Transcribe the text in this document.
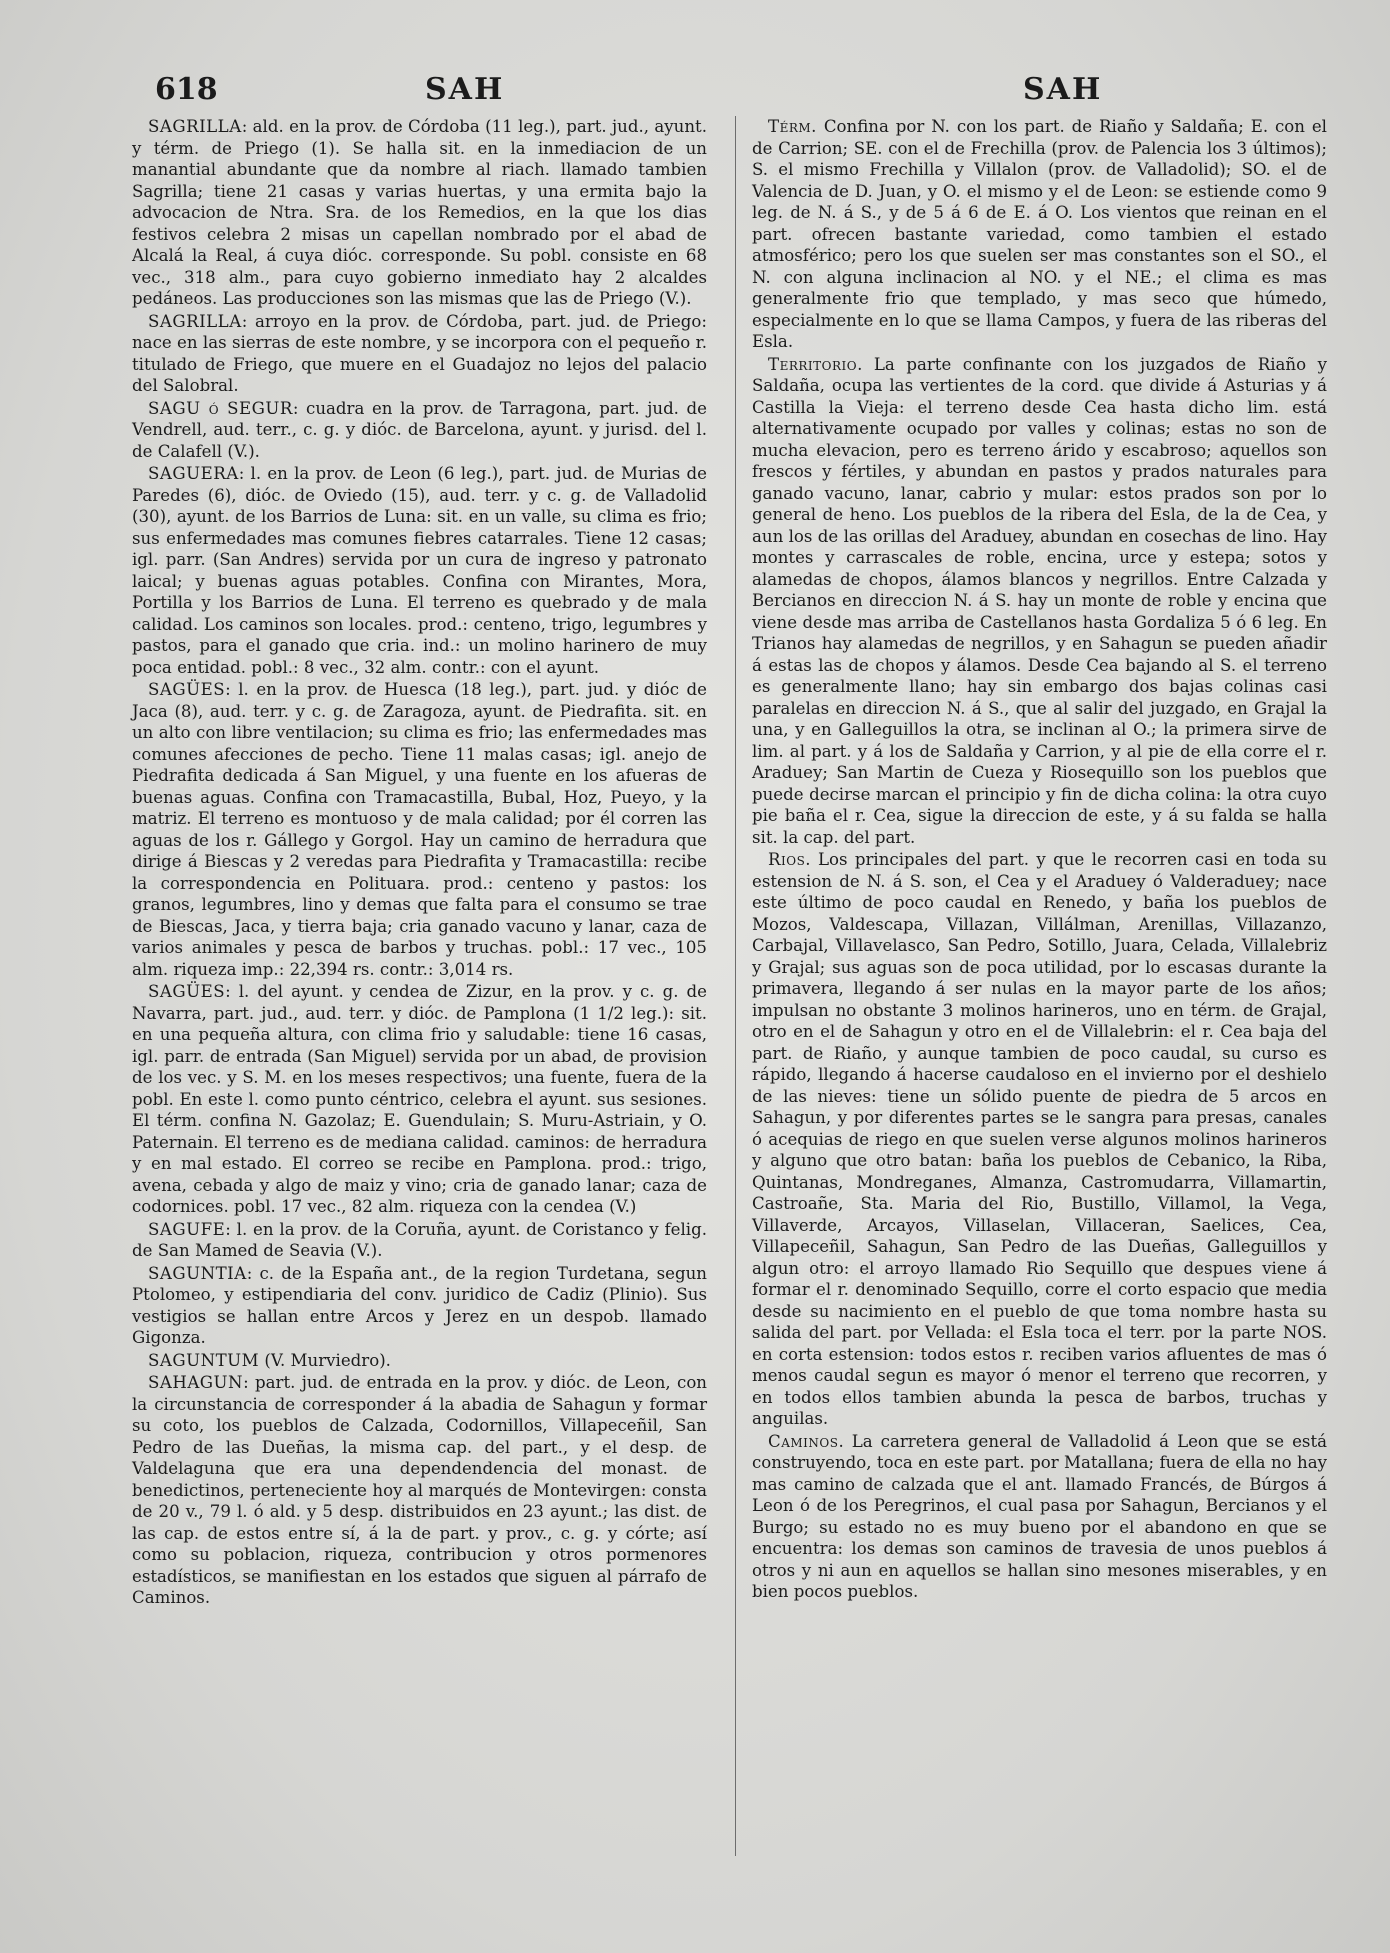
618	SAH	SAH

SAGRILLA: ald. en la prov. de Córdoba (11 leg.), part. jud., ayunt. y térm. de Priego (1). Se halla sit. en la inmediacion de un manantial abundante que da nombre al riach. llamado tambien Sagrilla; tiene 21 casas y varias huertas, y una ermita bajo la advocacion de Ntra. Sra. de los Remedios, en la que los dias festivos celebra 2 misas un capellan nombrado por el abad de Alcalá la Real, á cuya dióc. corresponde. Su pobl. consiste en 68 vec., 318 alm., para cuyo gobierno inmediato hay 2 alcaldes pedáneos. Las producciones son las mismas que las de Priego (V.).

SAGRILLA: arroyo en la prov. de Córdoba, part. jud. de Priego: nace en las sierras de este nombre, y se incorpora con el pequeño r. titulado de Friego, que muere en el Guadajoz no lejos del palacio del Salobral.

SAGU ó SEGUR: cuadra en la prov. de Tarragona, part. jud. de Vendrell, aud. terr., c. g. y dióc. de Barcelona, ayunt. y jurisd. del l. de Calafell (V.).

SAGUERA: l. en la prov. de Leon (6 leg.), part. jud. de Murias de Paredes (6), dióc. de Oviedo (15), aud. terr. y c. g. de Valladolid (30), ayunt. de los Barrios de Luna: sit. en un valle, su clima es frio; sus enfermedades mas comunes fiebres catarrales. Tiene 12 casas; igl. parr. (San Andres) servida por un cura de ingreso y patronato laical; y buenas aguas potables. Confina con Mirantes, Mora, Portilla y los Barrios de Luna. El terreno es quebrado y de mala calidad. Los caminos son locales. prod.: centeno, trigo, legumbres y pastos, para el ganado que cria. ind.: un molino harinero de muy poca entidad. pobl.: 8 vec., 32 alm. contr.: con el ayunt.

SAGÜES: l. en la prov. de Huesca (18 leg.), part. jud. y dióc de Jaca (8), aud. terr. y c. g. de Zaragoza, ayunt. de Piedrafita. sit. en un alto con libre ventilacion; su clima es frio; las enfermedades mas comunes afecciones de pecho. Tiene 11 malas casas; igl. anejo de Piedrafita dedicada á San Miguel, y una fuente en los afueras de buenas aguas. Confina con Tramacastilla, Bubal, Hoz, Pueyo, y la matriz. El terreno es montuoso y de mala calidad; por él corren las aguas de los r. Gállego y Gorgol. Hay un camino de herradura que dirige á Biescas y 2 veredas para Piedrafita y Tramacastilla: recibe la correspondencia en Polituara. prod.: centeno y pastos: los granos, legumbres, lino y demas que falta para el consumo se trae de Biescas, Jaca, y tierra baja; cria ganado vacuno y lanar, caza de varios animales y pesca de barbos y truchas. pobl.: 17 vec., 105 alm. riqueza imp.: 22,394 rs. contr.: 3,014 rs.

SAGÜES: l. del ayunt. y cendea de Zizur, en la prov. y c. g. de Navarra, part. jud., aud. terr. y dióc. de Pamplona (1 1/2 leg.): sit. en una pequeña altura, con clima frio y saludable: tiene 16 casas, igl. parr. de entrada (San Miguel) servida por un abad, de provision de los vec. y S. M. en los meses respectivos; una fuente, fuera de la pobl. En este l. como punto céntrico, celebra el ayunt. sus sesiones. El térm. confina N. Gazolaz; E. Guendulain; S. Muru-Astriain, y O. Paternain. El terreno es de mediana calidad. caminos: de herradura y en mal estado. El correo se recibe en Pamplona. prod.: trigo, avena, cebada y algo de maiz y vino; cria de ganado lanar; caza de codornices. pobl. 17 vec., 82 alm. riqueza con la cendea (V.)

SAGUFE: l. en la prov. de la Coruña, ayunt. de Coristanco y felig. de San Mamed de Seavia (V.).

SAGUNTIA: c. de la España ant., de la region Turdetana, segun Ptolomeo, y estipendiaria del conv. juridico de Cadiz (Plinio). Sus vestigios se hallan entre Arcos y Jerez en un despob. llamado Gigonza.

SAGUNTUM (V. Murviedro).

SAHAGUN: part. jud. de entrada en la prov. y dióc. de Leon, con la circunstancia de corresponder á la abadia de Sahagun y formar su coto, los pueblos de Calzada, Codornillos, Villapeceñil, San Pedro de las Dueñas, la misma cap. del part., y el desp. de Valdelaguna que era una dependendencia del monast. de benedictinos, perteneciente hoy al marqués de Montevirgen: consta de 20 v., 79 l. ó ald. y 5 desp. distribuidos en 23 ayunt.; las dist. de las cap. de estos entre sí, á la de part. y prov., c. g. y córte; así como su poblacion, riqueza, contribucion y otros pormenores estadísticos, se manifiestan en los estados que siguen al párrafo de Caminos.

Térm. Confina por N. con los part. de Riaño y Saldaña; E. con el de Carrion; SE. con el de Frechilla (prov. de Palencia los 3 últimos); S. el mismo Frechilla y Villalon (prov. de Valladolid); SO. el de Valencia de D. Juan, y O. el mismo y el de Leon: se estiende como 9 leg. de N. á S., y de 5 á 6 de E. á O. Los vientos que reinan en el part. ofrecen bastante variedad, como tambien el estado atmosférico; pero los que suelen ser mas constantes son el SO., el N. con alguna inclinacion al NO. y el NE.; el clima es mas generalmente frio que templado, y mas seco que húmedo, especialmente en lo que se llama Campos, y fuera de las riberas del Esla.

Territorio. La parte confinante con los juzgados de Riaño y Saldaña, ocupa las vertientes de la cord. que divide á Asturias y á Castilla la Vieja: el terreno desde Cea hasta dicho lim. está alternativamente ocupado por valles y colinas; estas no son de mucha elevacion, pero es terreno árido y escabroso; aquellos son frescos y fértiles, y abundan en pastos y prados naturales para ganado vacuno, lanar, cabrio y mular: estos prados son por lo general de heno. Los pueblos de la ribera del Esla, de la de Cea, y aun los de las orillas del Araduey, abundan en cosechas de lino. Hay montes y carrascales de roble, encina, urce y estepa; sotos y alamedas de chopos, álamos blancos y negrillos. Entre Calzada y Bercianos en direccion N. á S. hay un monte de roble y encina que viene desde mas arriba de Castellanos hasta Gordaliza 5 ó 6 leg. En Trianos hay alamedas de negrillos, y en Sahagun se pueden añadir á estas las de chopos y álamos. Desde Cea bajando al S. el terreno es generalmente llano; hay sin embargo dos bajas colinas casi paralelas en direccion N. á S., que al salir del juzgado, en Grajal la una, y en Galleguillos la otra, se inclinan al O.; la primera sirve de lim. al part. y á los de Saldaña y Carrion, y al pie de ella corre el r. Araduey; San Martin de Cueza y Riosequillo son los pueblos que puede decirse marcan el principio y fin de dicha colina: la otra cuyo pie baña el r. Cea, sigue la direccion de este, y á su falda se halla sit. la cap. del part.

Rios. Los principales del part. y que le recorren casi en toda su estension de N. á S. son, el Cea y el Araduey ó Valderaduey; nace este último de poco caudal en Renedo, y baña los pueblos de Mozos, Valdescapa, Villazan, Villálman, Arenillas, Villazanzo, Carbajal, Villavelasco, San Pedro, Sotillo, Juara, Celada, Villalebriz y Grajal; sus aguas son de poca utilidad, por lo escasas durante la primavera, llegando á ser nulas en la mayor parte de los años; impulsan no obstante 3 molinos harineros, uno en térm. de Grajal, otro en el de Sahagun y otro en el de Villalebrin: el r. Cea baja del part. de Riaño, y aunque tambien de poco caudal, su curso es rápido, llegando á hacerse caudaloso en el invierno por el deshielo de las nieves: tiene un sólido puente de piedra de 5 arcos en Sahagun, y por diferentes partes se le sangra para presas, canales ó acequias de riego en que suelen verse algunos molinos harineros y alguno que otro batan: baña los pueblos de Cebanico, la Riba, Quintanas, Mondreganes, Almanza, Castromudarra, Villamartin, Castroañe, Sta. Maria del Rio, Bustillo, Villamol, la Vega, Villaverde, Arcayos, Villaselan, Villaceran, Saelices, Cea, Villapeceñil, Sahagun, San Pedro de las Dueñas, Galleguillos y algun otro: el arroyo llamado Rio Sequillo que despues viene á formar el r. denominado Sequillo, corre el corto espacio que media desde su nacimiento en el pueblo de que toma nombre hasta su salida del part. por Vellada: el Esla toca el terr. por la parte NOS. en corta estension: todos estos r. reciben varios afluentes de mas ó menos caudal segun es mayor ó menor el terreno que recorren, y en todos ellos tambien abunda la pesca de barbos, truchas y anguilas.

Caminos. La carretera general de Valladolid á Leon que se está construyendo, toca en este part. por Matallana; fuera de ella no hay mas camino de calzada que el ant. llamado Francés, de Búrgos á Leon ó de los Peregrinos, el cual pasa por Sahagun, Bercianos y el Burgo; su estado no es muy bueno por el abandono en que se encuentra: los demas son caminos de travesia de unos pueblos á otros y ni aun en aquellos se hallan sino mesones miserables, y en bien pocos pueblos.
